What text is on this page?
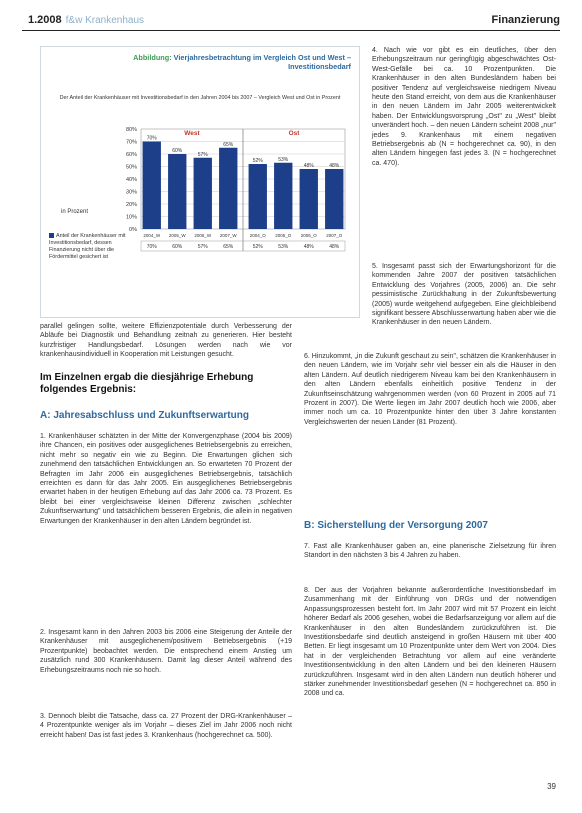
1.2008 f&w Krankenhaus	Finanzierung
Abbildung: Vierjahresbetrachtung im Vergleich Ost und West – Investitionsbedarf
Der Anteil der Krankenhäuser mit Investitionsbedarf in den Jahren 2004 bis 2007 – Vergleich West und Ost in Prozent
0%
10%
20%
30%
40%
50%
60%
70%
80%
70%
70%
2004_W
60%
60%
2005_W
57%
57%
2006_W
65%
65%
2007_W
52%
52%
2004_O
53%
53%
2005_O
48%
48%
2006_O
48%
48%
2007_O
West	Ost
in Prozent
Anteil der Krankenhäuser mit Investitionsbedarf, dessen Finanzierung nicht über die Fördermittel gesichert ist
4. Nach wie vor gibt es ein deutliches, über den Erhebungszeitraum nur geringfügig abgeschwächtes Ost-West-Gefälle bei ca. 10 Prozentpunkten. Die Krankenhäuser in den alten Bundesländern haben bei positiver Tendenz auf vergleichsweise niedrigem Niveau heute den Stand erreicht, von dem aus die Krankenhäuser in den neuen Ländern im Jahr 2005 weiterentwickelt haben. Der Entwicklungsvorsprung „Ost" zu „West" bleibt unverändert hoch. – den neuen Ländern scheint 2008 „nur" jedes 9. Krankenhaus mit einem negativen Betriebsergebnis ab (N = hochgerechnet ca. 90), in den alten Ländern hingegen fast jedes 3. (N = hochgerechnet ca. 470).
5. Insgesamt passt sich der Erwartungshorizont für die kommenden Jahre 2007 der positiven tatsächlichen Entwicklung des Vorjahres (2005, 2006) an. Die sehr pessimistische Zurückhaltung in der Zukunftsbewertung (2005) wurde weitgehend aufgegeben. Eine gleichbleibend signifikant bessere Abschlusserwartung haben aber wie die Krankenhäuser in den neuen Ländern.
parallel gelingen sollte, weitere Effizienzpotentiale durch Verbesserung der Abläufe bei Diagnostik und Behandlung zeitnah zu generieren. Hier besteht kurzfristiger Handlungsbedarf. Lösungen werden nach wie vor krankenhausindividuell in Kooperation mit Leistungen gesucht.
Im Einzelnen ergab die diesjährige Erhebung folgendes Ergebnis:
A: Jahresabschluss und Zukunftserwartung
1. Krankenhäuser schätzten in der Mitte der Konvergenzphase (2004 bis 2009) ihre Chancen, ein positives oder ausgeglichenes Betriebsergebnis zu erreichen, nicht mehr so negativ ein wie zu Beginn. Die Erwartungen glichen sich zunehmend den tatsächlichen Entwicklungen an. So erwarteten 70 Prozent der Befragten im Jahr 2006 ein ausgeglichenes Betriebsergebnis, tatsächlich erreichten es dann für das Jahr 2005. Ein ausgeglichenes Betriebsergebnis erwartet haben in der heutigen Erhebung auf das Jahr 2006 ca. 73 Prozent. Es bleibt bei einer vergleichsweise kleinen Differenz zwischen „schlechter Zukunftserwartung" und tatsächlichem besseren Ergebnis, die allein in negativen Erwartungen der Krankenhäuser in den alten Ländern begründet ist.
2. Insgesamt kann in den Jahren 2003 bis 2006 eine Steigerung der Anteile der Krankenhäuser mit ausgeglichenem/positivem Betriebsergebnis (+19 Prozentpunkte) beobachtet werden. Die entsprechend einem Anstieg um zusätzlich rund 300 Krankenhäusern. Damit lag dieser Anteil während des Erhebungszeitraums noch nie so hoch.
3. Dennoch bleibt die Tatsache, dass ca. 27 Prozent der DRG-Krankenhäuser – 4 Prozentpunkte weniger als im Vorjahr – dieses Ziel im Jahr 2006 noch nicht erreicht haben! Das ist fast jedes 3. Krankenhaus (hochgerechnet ca. 500).
6. Hinzukommt, „in die Zukunft geschaut zu sein", schätzen die Krankenhäuser in den neuen Ländern, wie im Vorjahr sehr viel besser ein als die Häuser in den alten Ländern. Auf deutlich niedrigerem Niveau kam bei den Krankenhäusern in den alten Ländern ebenfalls einheitlich positive Tendenz in der Zukunftseinschätzung wahrgenommen werden (von 60 Prozent in 2005 auf 71 Prozent in 2007). Die Werte liegen im Jahr 2007 deutlich hoch wie 2006, aber immer noch um ca. 10 Prozentpunkte hinter den über 3 Jahre konstanten Vergleichswerten der neuen Länder (81 Prozent).
B: Sicherstellung der Versorgung 2007
7. Fast alle Krankenhäuser gaben an, eine planerische Zielsetzung für ihren Standort in den nächsten 3 bis 4 Jahren zu haben.
8. Der aus der Vorjahren bekannte außerordentliche Investitionsbedarf im Zusammenhang mit der Einführung von DRGs und der notwendigen Anpassungsprozessen besteht fort. Im Jahr 2007 wird mit 57 Prozent ein leicht höherer Bedarf als 2006 gesehen, wobei die Bedarfsanzeigung vor allem auf die Krankenhäuser in den alten Bundesländern zurückzuführen ist. Die Investitionsbedarfe sind deutlich ansteigend in großen Häusern mit über 400 Betten. Er liegt insgesamt um 10 Prozentpunkte unter dem Wert von 2004. Dies hat in der vergleichenden Betrachtung vor allem auf eine veränderte Investitionsentwicklung in den alten Ländern und bei den kleineren Häusern zurückzuführen. Insgesamt wird in den alten Ländern nun deutlich höherer und stärker zunehmender Investitionsbedarf gesehen (N = hochgerechnet ca. 850 in 2008 und ca.
39
